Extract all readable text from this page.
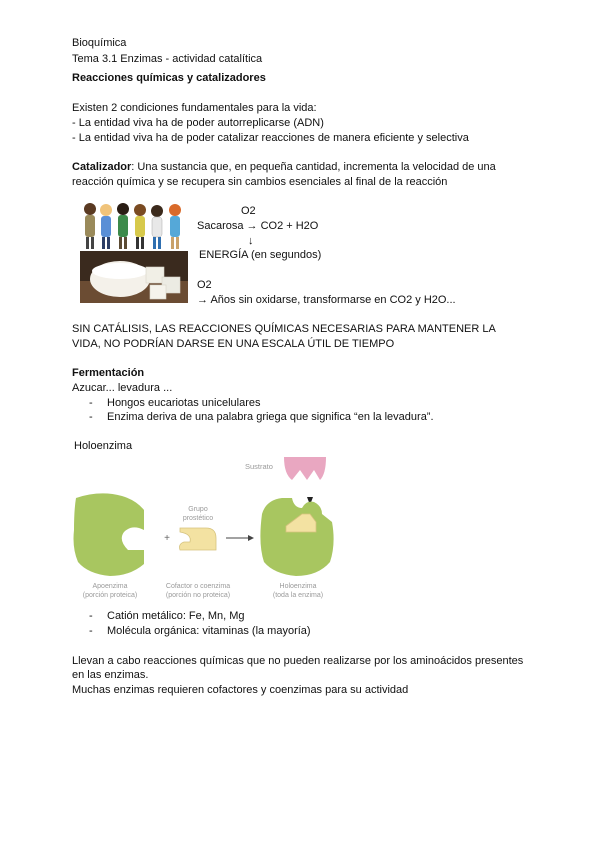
Bioquímica
Tema 3.1 Enzimas - actividad catalítica
Reacciones químicas y catalizadores
Existen 2 condiciones fundamentales para la vida:
- La entidad viva ha de poder autorreplicarse (ADN)
- La entidad viva ha de poder catalizar reacciones de manera eficiente y selectiva
Catalizador: Una sustancia que, en pequeña cantidad, incrementa la velocidad de una
reacción química y se recupera sin cambios esenciales al final de la reacción
O2
Sacarosa → CO2 + H2O
↓
ENERGÍA (en segundos)
O2
→ Años sin oxidarse, transformarse en CO2 y H2O...
SIN CATÁLISIS, LAS REACCIONES QUÍMICAS NECESARIAS PARA MANTENER LA
VIDA, NO PODRÍAN DARSE EN UNA ESCALA ÚTIL DE TIEMPO
Fermentación
Azucar... levadura ...
- Hongos eucariotas unicelulares
- Enzima deriva de una palabra griega que significa “en la levadura”.
Holoenzima
Sustrato
Apoenzima
(porción proteica)
+
Grupo
prostético
Cofactor o coenzima
(porción no proteica)
Holoenzima
(toda la enzima)
- Catión metálico: Fe, Mn, Mg
- Molécula orgánica: vitaminas (la mayoría)
Llevan a cabo reacciones químicas que no pueden realizarse por los aminoácidos presentes
en las enzimas.
Muchas enzimas requieren cofactores y coenzimas para su actividad
